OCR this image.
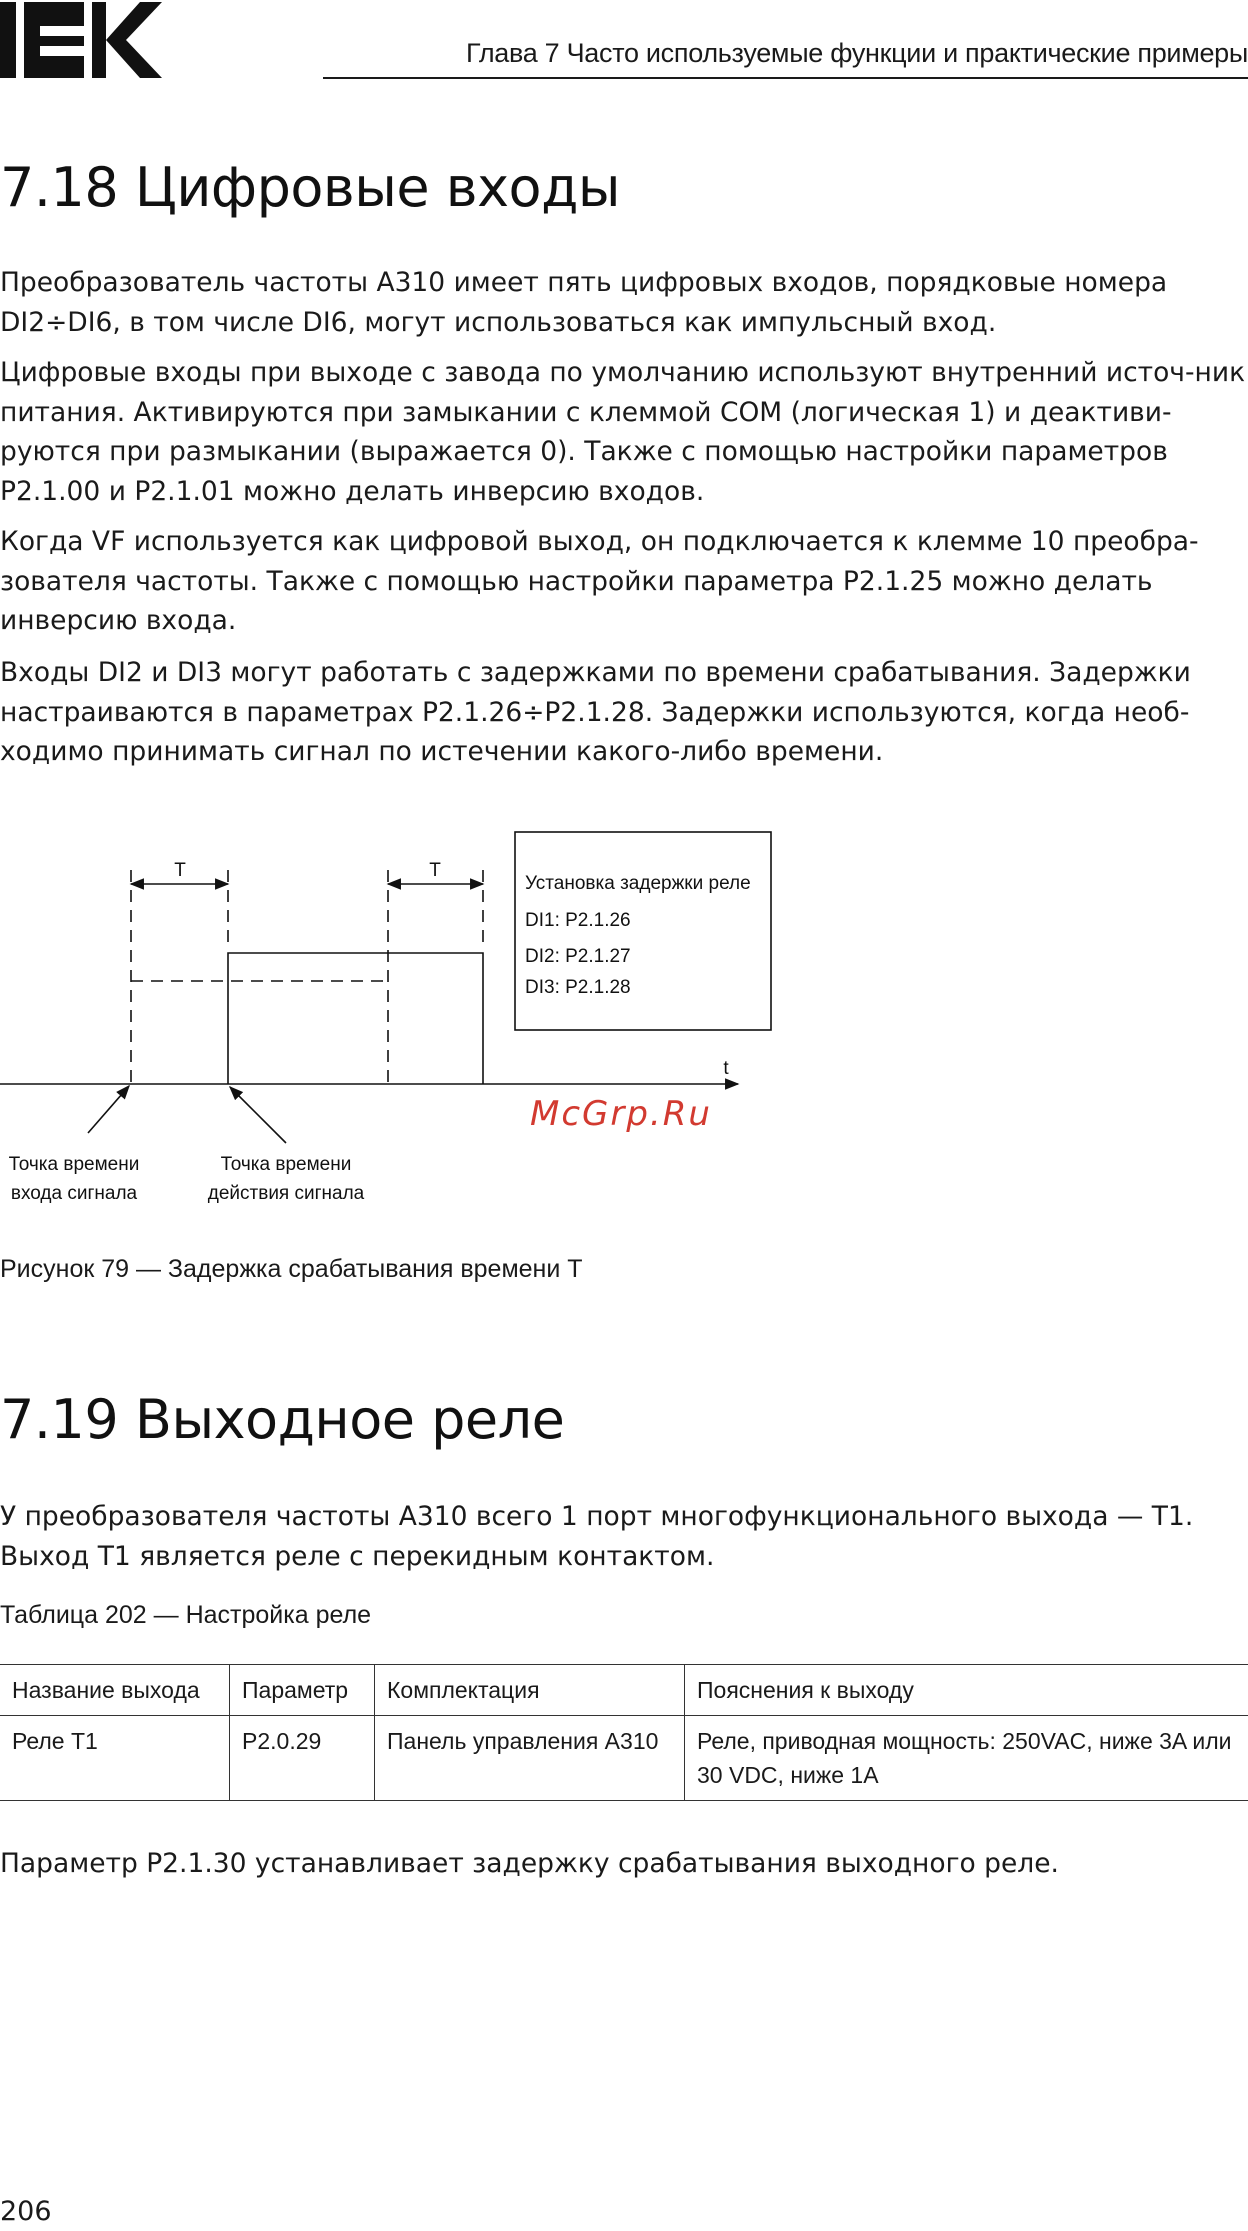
Глава 7 Часто используемые функции и практические примеры
7.18 Цифровые входы

Преобразователь частоты А310 имеет пять цифровых входов, порядковые номера DI2÷DI6, в том числе DI6, могут использоваться как импульсный вход.

Цифровые входы при выходе с завода по умолчанию используют внутренний источ-ник питания. Активируются при замыкании с клеммой COM (логическая 1) и деактиви-руются при размыкании (выражается 0). Также с помощью настройки параметров P2.1.00 и P2.1.01 можно делать инверсию входов.

Когда VF используется как цифровой выход, он подключается к клемме 10 преобра-зователя частоты. Также с помощью настройки параметра P2.1.25 можно делать инверсию входа.

Входы DI2 и DI3 могут работать с задержками по времени срабатывания. Задержки настраиваются в параметрах P2.1.26÷P2.1.28. Задержки используются, когда необ-ходимо принимать сигнал по истечении какого-либо времени.

T	T
t
Установка задержки реле
DI1: P2.1.26
DI2: P2.1.27
DI3: P2.1.28
Точка времени
входа сигнала
Точка времени
действия сигнала
McGrp.Ru

Рисунок 79 — Задержка срабатывания времени T

7.19 Выходное реле

У преобразователя частоты А310 всего 1 порт многофункционального выхода — T1. Выход T1 является реле с перекидным контактом.

Таблица 202 — Настройка реле

Название выхода	Параметр	Комплектация	Пояснения к выходу
Реле T1	P2.0.29	Панель управления А310	Реле, приводная мощность: 250VAC, ниже 3A или 30 VDC, ниже 1A

Параметр P2.1.30 устанавливает задержку срабатывания выходного реле.

206
